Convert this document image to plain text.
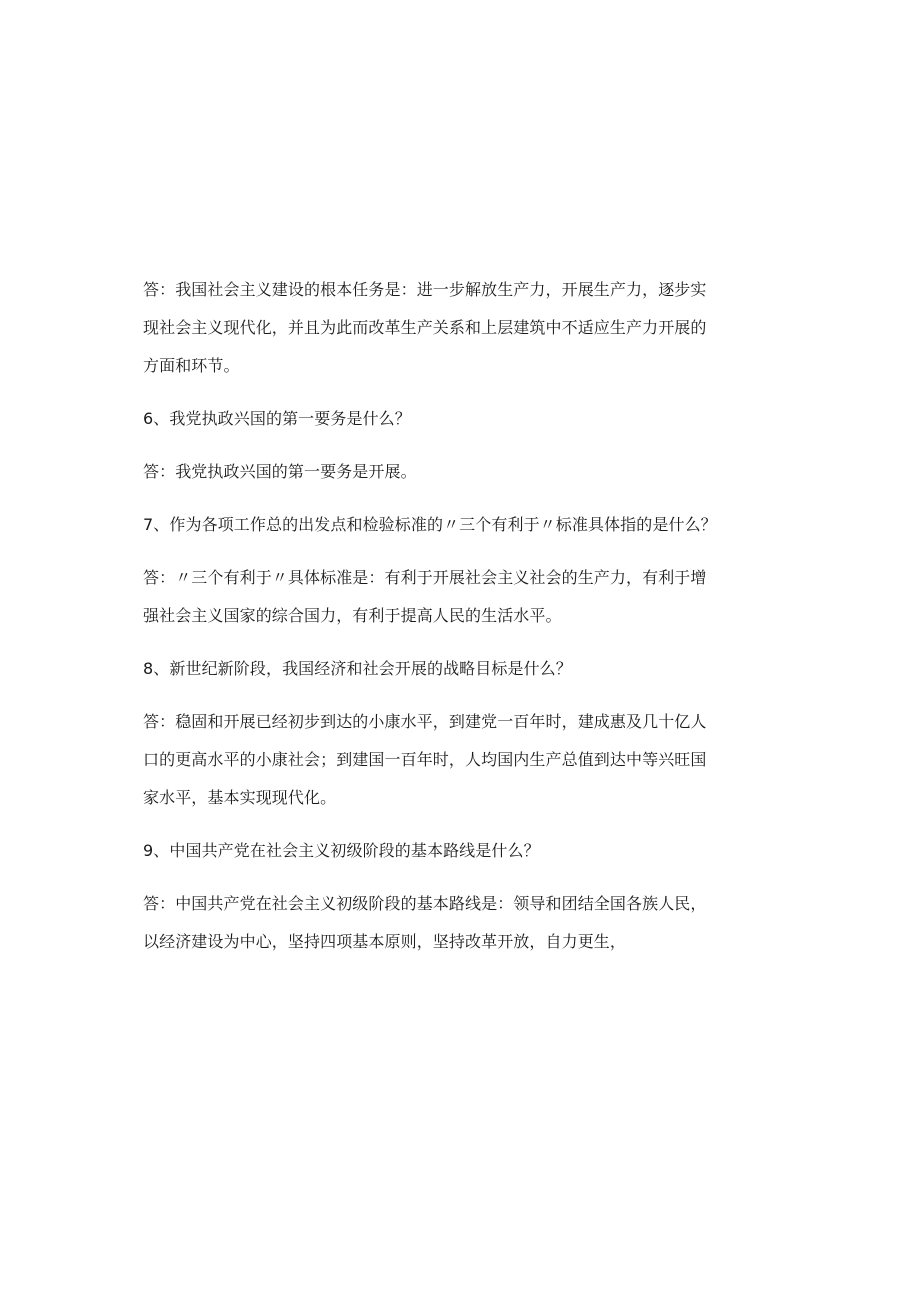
答：我国社会主义建设的根本任务是：进一步解放生产力，开展生产力，逐步实
现社会主义现代化，并且为此而改革生产关系和上层建筑中不适应生产力开展的
方面和环节。
6、我党执政兴国的第一要务是什么？
答：我党执政兴国的第一要务是开展。
7、作为各项工作总的出发点和检验标准的〃三个有利于〃标准具体指的是什么？
答：〃三个有利于〃具体标准是：有利于开展社会主义社会的生产力，有利于增
强社会主义国家的综合国力，有利于提高人民的生活水平。
8、新世纪新阶段，我国经济和社会开展的战略目标是什么？
答：稳固和开展已经初步到达的小康水平，到建党一百年时，建成惠及几十亿人
口的更高水平的小康社会；到建国一百年时，人均国内生产总值到达中等兴旺国
家水平，基本实现现代化。
9、中国共产党在社会主义初级阶段的基本路线是什么？
答：中国共产党在社会主义初级阶段的基本路线是：领导和团结全国各族人民，
以经济建设为中心，坚持四项基本原则，坚持改革开放，自力更生，
